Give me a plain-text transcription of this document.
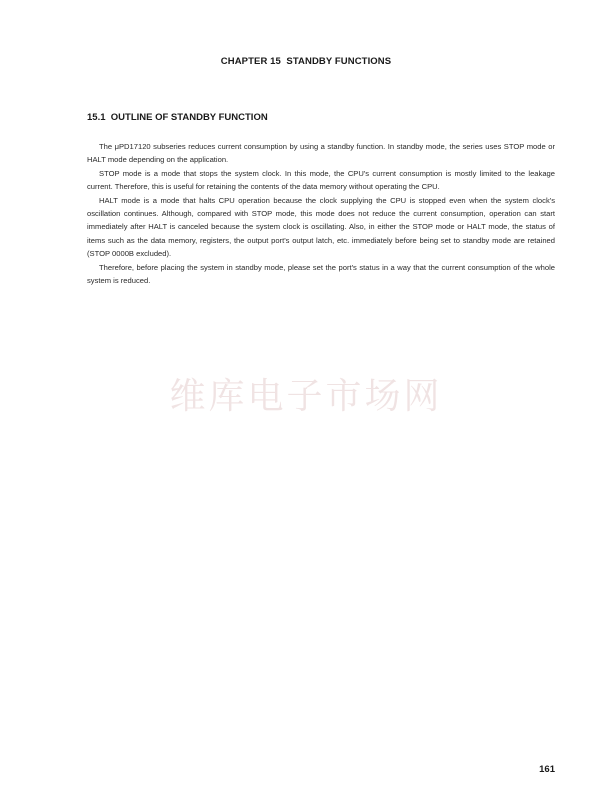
CHAPTER 15  STANDBY FUNCTIONS
15.1  OUTLINE OF STANDBY FUNCTION

The μPD17120 subseries reduces current consumption by using a standby function. In standby mode, the series uses STOP mode or HALT mode depending on the application.

STOP mode is a mode that stops the system clock. In this mode, the CPU's current consumption is mostly limited to the leakage current. Therefore, this is useful for retaining the contents of the data memory without operating the CPU.

HALT mode is a mode that halts CPU operation because the clock supplying the CPU is stopped even when the system clock's oscillation continues. Although, compared with STOP mode, this mode does not reduce the current consumption, operation can start immediately after HALT is canceled because the system clock is oscillating. Also, in either the STOP mode or HALT mode, the status of items such as the data memory, registers, the output port's output latch, etc. immediately before being set to standby mode are retained (STOP 0000B excluded).

Therefore, before placing the system in standby mode, please set the port's status in a way that the current consumption of the whole system is reduced.

维库电子市场网
161
